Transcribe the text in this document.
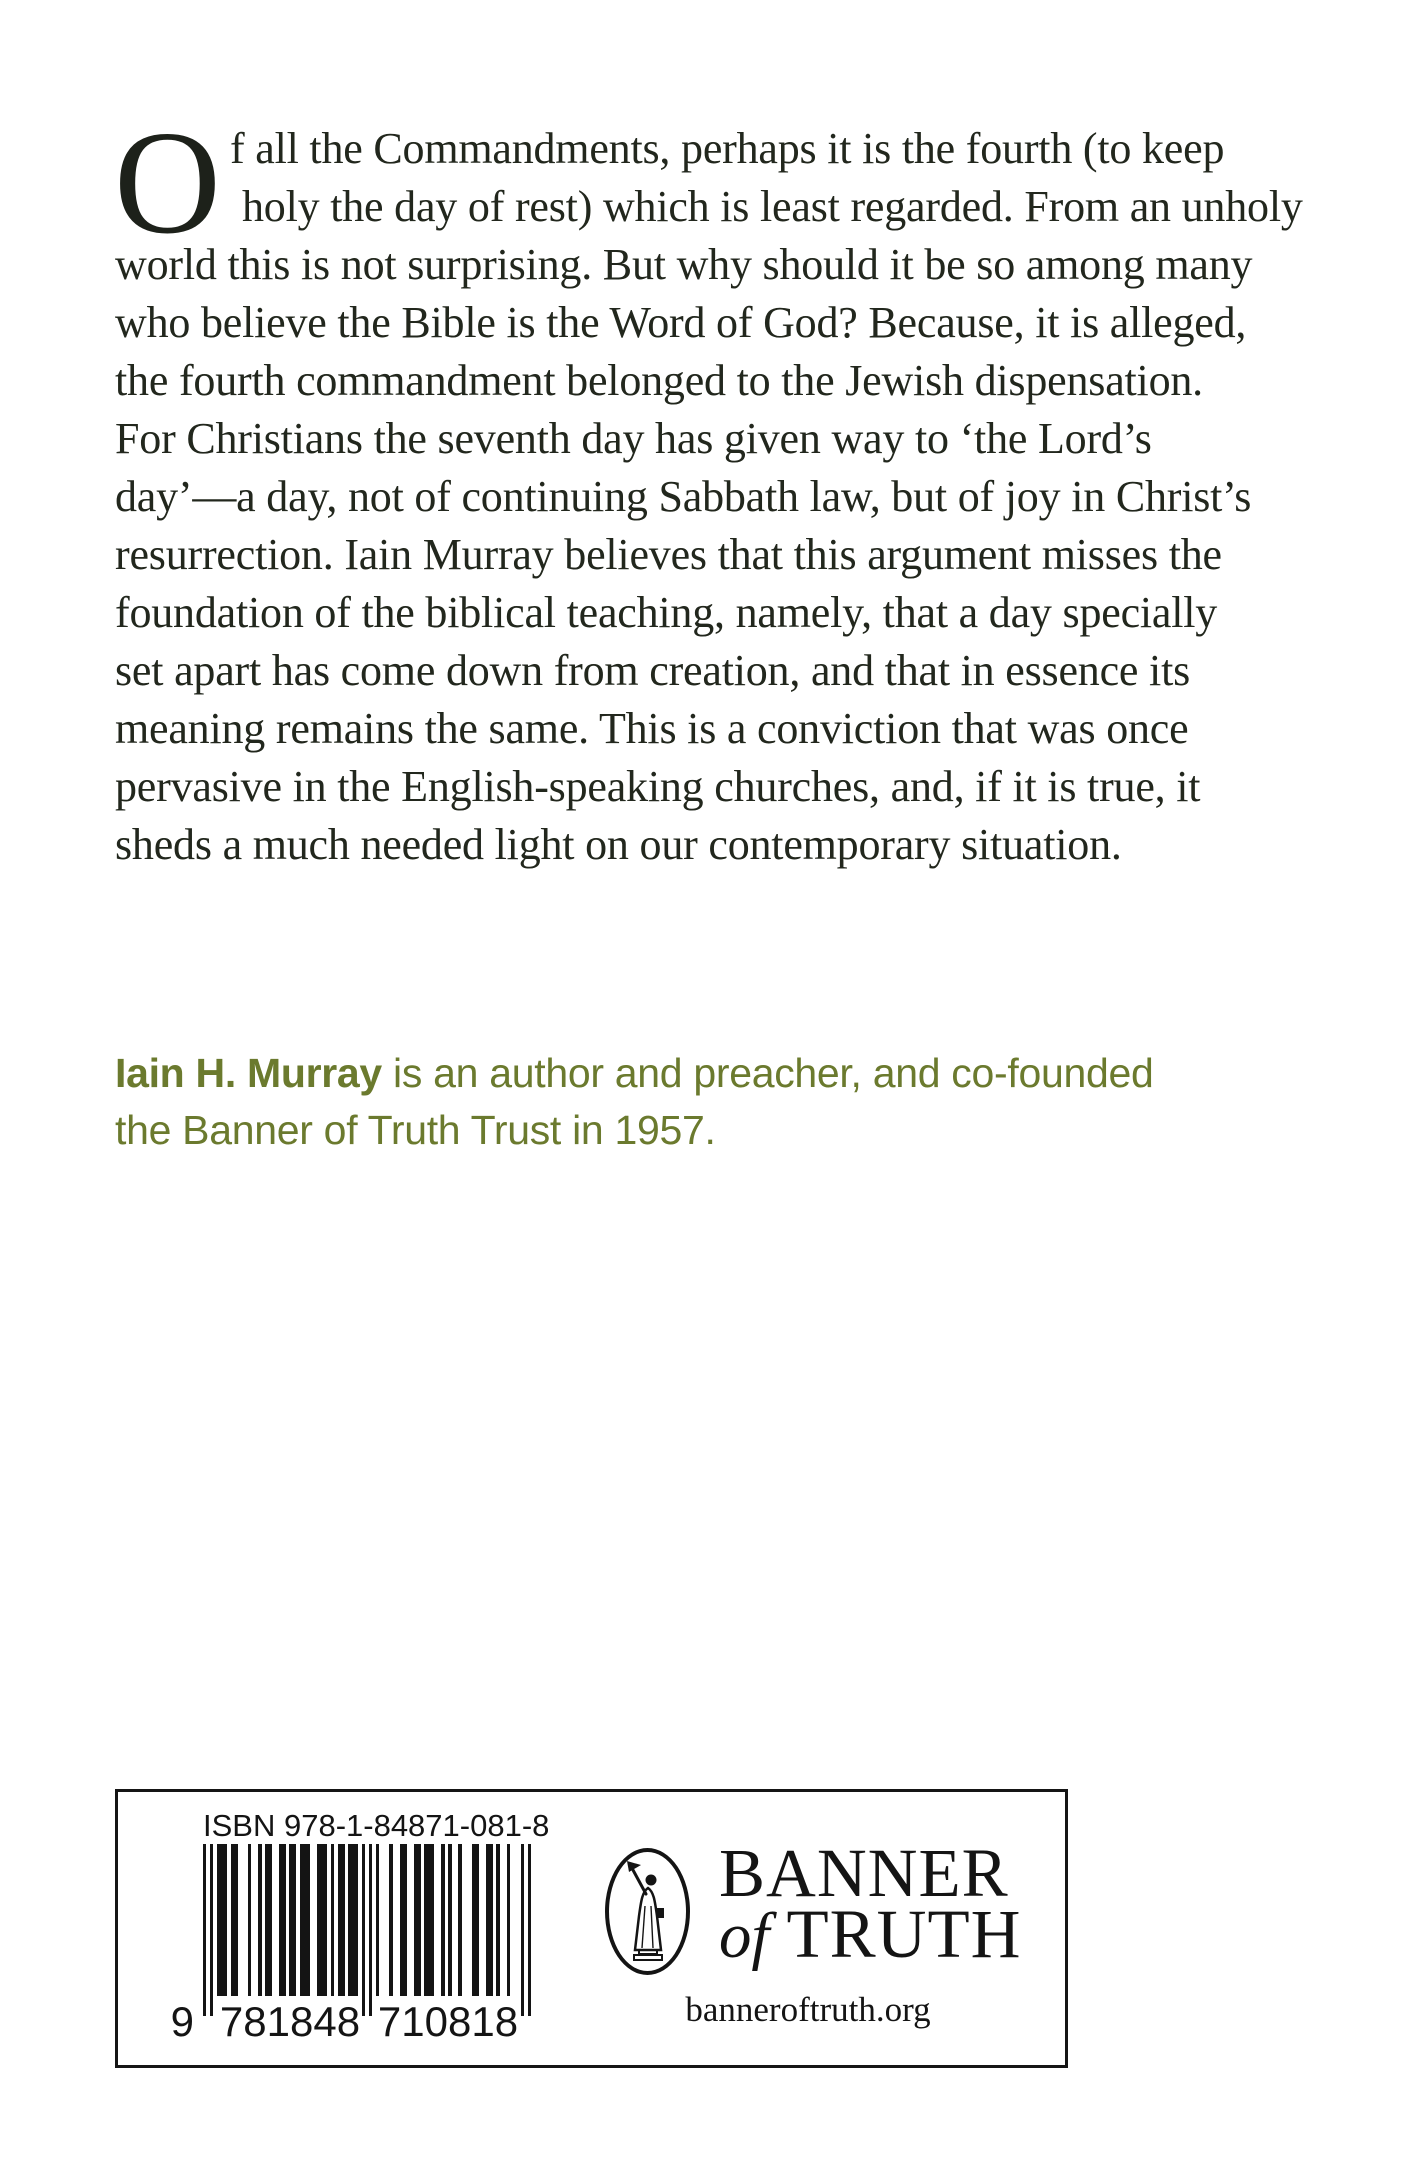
O f all the Commandments, perhaps it is the fourth (to keep
holy the day of rest) which is least regarded. From an unholy
world this is not surprising. But why should it be so among many
who believe the Bible is the Word of God? Because, it is alleged,
the fourth commandment belonged to the Jewish dispensation.
For Christians the seventh day has given way to ‘the Lord’s
day’—a day, not of continuing Sabbath law, but of joy in Christ’s
resurrection. Iain Murray believes that this argument misses the
foundation of the biblical teaching, namely, that a day specially
set apart has come down from creation, and that in essence its
meaning remains the same. This is a conviction that was once
pervasive in the English-speaking churches, and, if it is true, it
sheds a much needed light on our contemporary situation.
Iain H. Murray is an author and preacher, and co-founded
the Banner of Truth Trust in 1957.
ISBN 978-1-84871-081-8
9 781848 710818
BANNER
of TRUTH
banneroftruth.org
